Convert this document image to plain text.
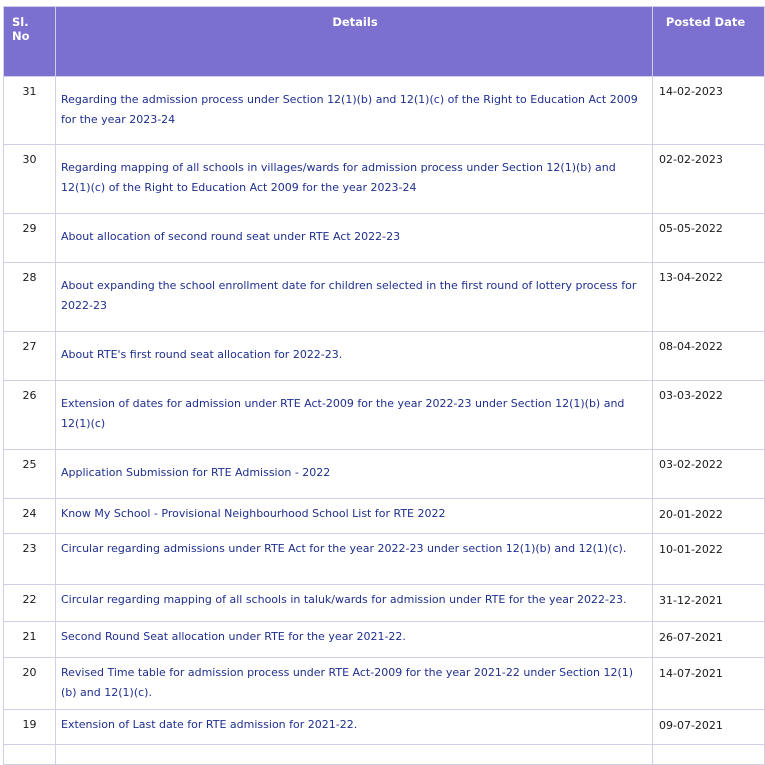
Sl. No	Details	Posted Date
31	Regarding the admission process under Section 12(1)(b) and 12(1)(c) of the Right to Education Act 2009 for the year 2023-24	14-02-2023
30	Regarding mapping of all schools in villages/wards for admission process under Section 12(1)(b) and 12(1)(c) of the Right to Education Act 2009 for the year 2023-24	02-02-2023
29	About allocation of second round seat under RTE Act 2022-23	05-05-2022
28	About expanding the school enrollment date for children selected in the first round of lottery process for 2022-23	13-04-2022
27	About RTE's first round seat allocation for 2022-23.	08-04-2022
26	Extension of dates for admission under RTE Act-2009 for the year 2022-23 under Section 12(1)(b) and 12(1)(c)	03-03-2022
25	Application Submission for RTE Admission - 2022	03-02-2022
24	Know My School - Provisional Neighbourhood School List for RTE 2022	20-01-2022
23	Circular regarding admissions under RTE Act for the year 2022-23 under section 12(1)(b) and 12(1)(c).	10-01-2022
22	Circular regarding mapping of all schools in taluk/wards for admission under RTE for the year 2022-23.	31-12-2021
21	Second Round Seat allocation under RTE for the year 2021-22.	26-07-2021
20	Revised Time table for admission process under RTE Act-2009 for the year 2021-22 under Section 12(1)(b) and 12(1)(c).	14-07-2021
19	Extension of Last date for RTE admission for 2021-22.	09-07-2021
